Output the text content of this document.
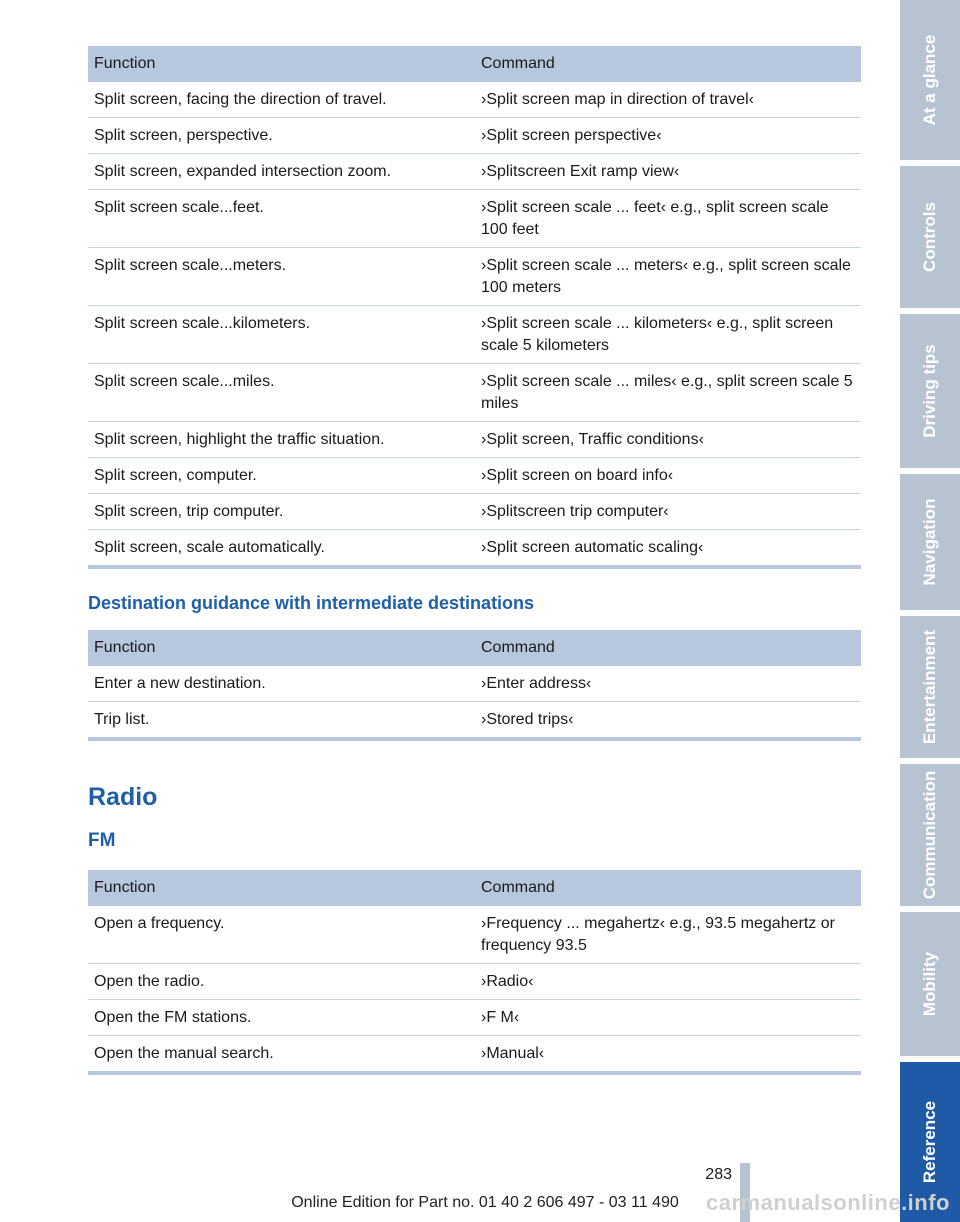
Function	Command
Split screen, facing the direction of travel.	›Split screen map in direction of travel‹
Split screen, perspective.	›Split screen perspective‹
Split screen, expanded intersection zoom.	›Splitscreen Exit ramp view‹
Split screen scale...feet.	›Split screen scale ... feet‹ e.g., split screen scale 100 feet
Split screen scale...meters.	›Split screen scale ... meters‹ e.g., split screen scale 100 meters
Split screen scale...kilometers.	›Split screen scale ... kilometers‹ e.g., split screen scale 5 kilometers
Split screen scale...miles.	›Split screen scale ... miles‹ e.g., split screen scale 5 miles
Split screen, highlight the traffic situation.	›Split screen, Traffic conditions‹
Split screen, computer.	›Split screen on board info‹
Split screen, trip computer.	›Splitscreen trip computer‹
Split screen, scale automatically.	›Split screen automatic scaling‹
Destination guidance with intermediate destinations
Function	Command
Enter a new destination.	›Enter address‹
Trip list.	›Stored trips‹
Radio
FM
Function	Command
Open a frequency.	›Frequency ... megahertz‹ e.g., 93.5 megahertz or frequency 93.5
Open the radio.	›Radio‹
Open the FM stations.	›F M‹
Open the manual search.	›Manual‹
At a glance
Controls
Driving tips
Navigation
Entertainment
Communication
Mobility
Reference
283
Online Edition for Part no. 01 40 2 606 497 - 03 11 490	carmanualsonline.info
